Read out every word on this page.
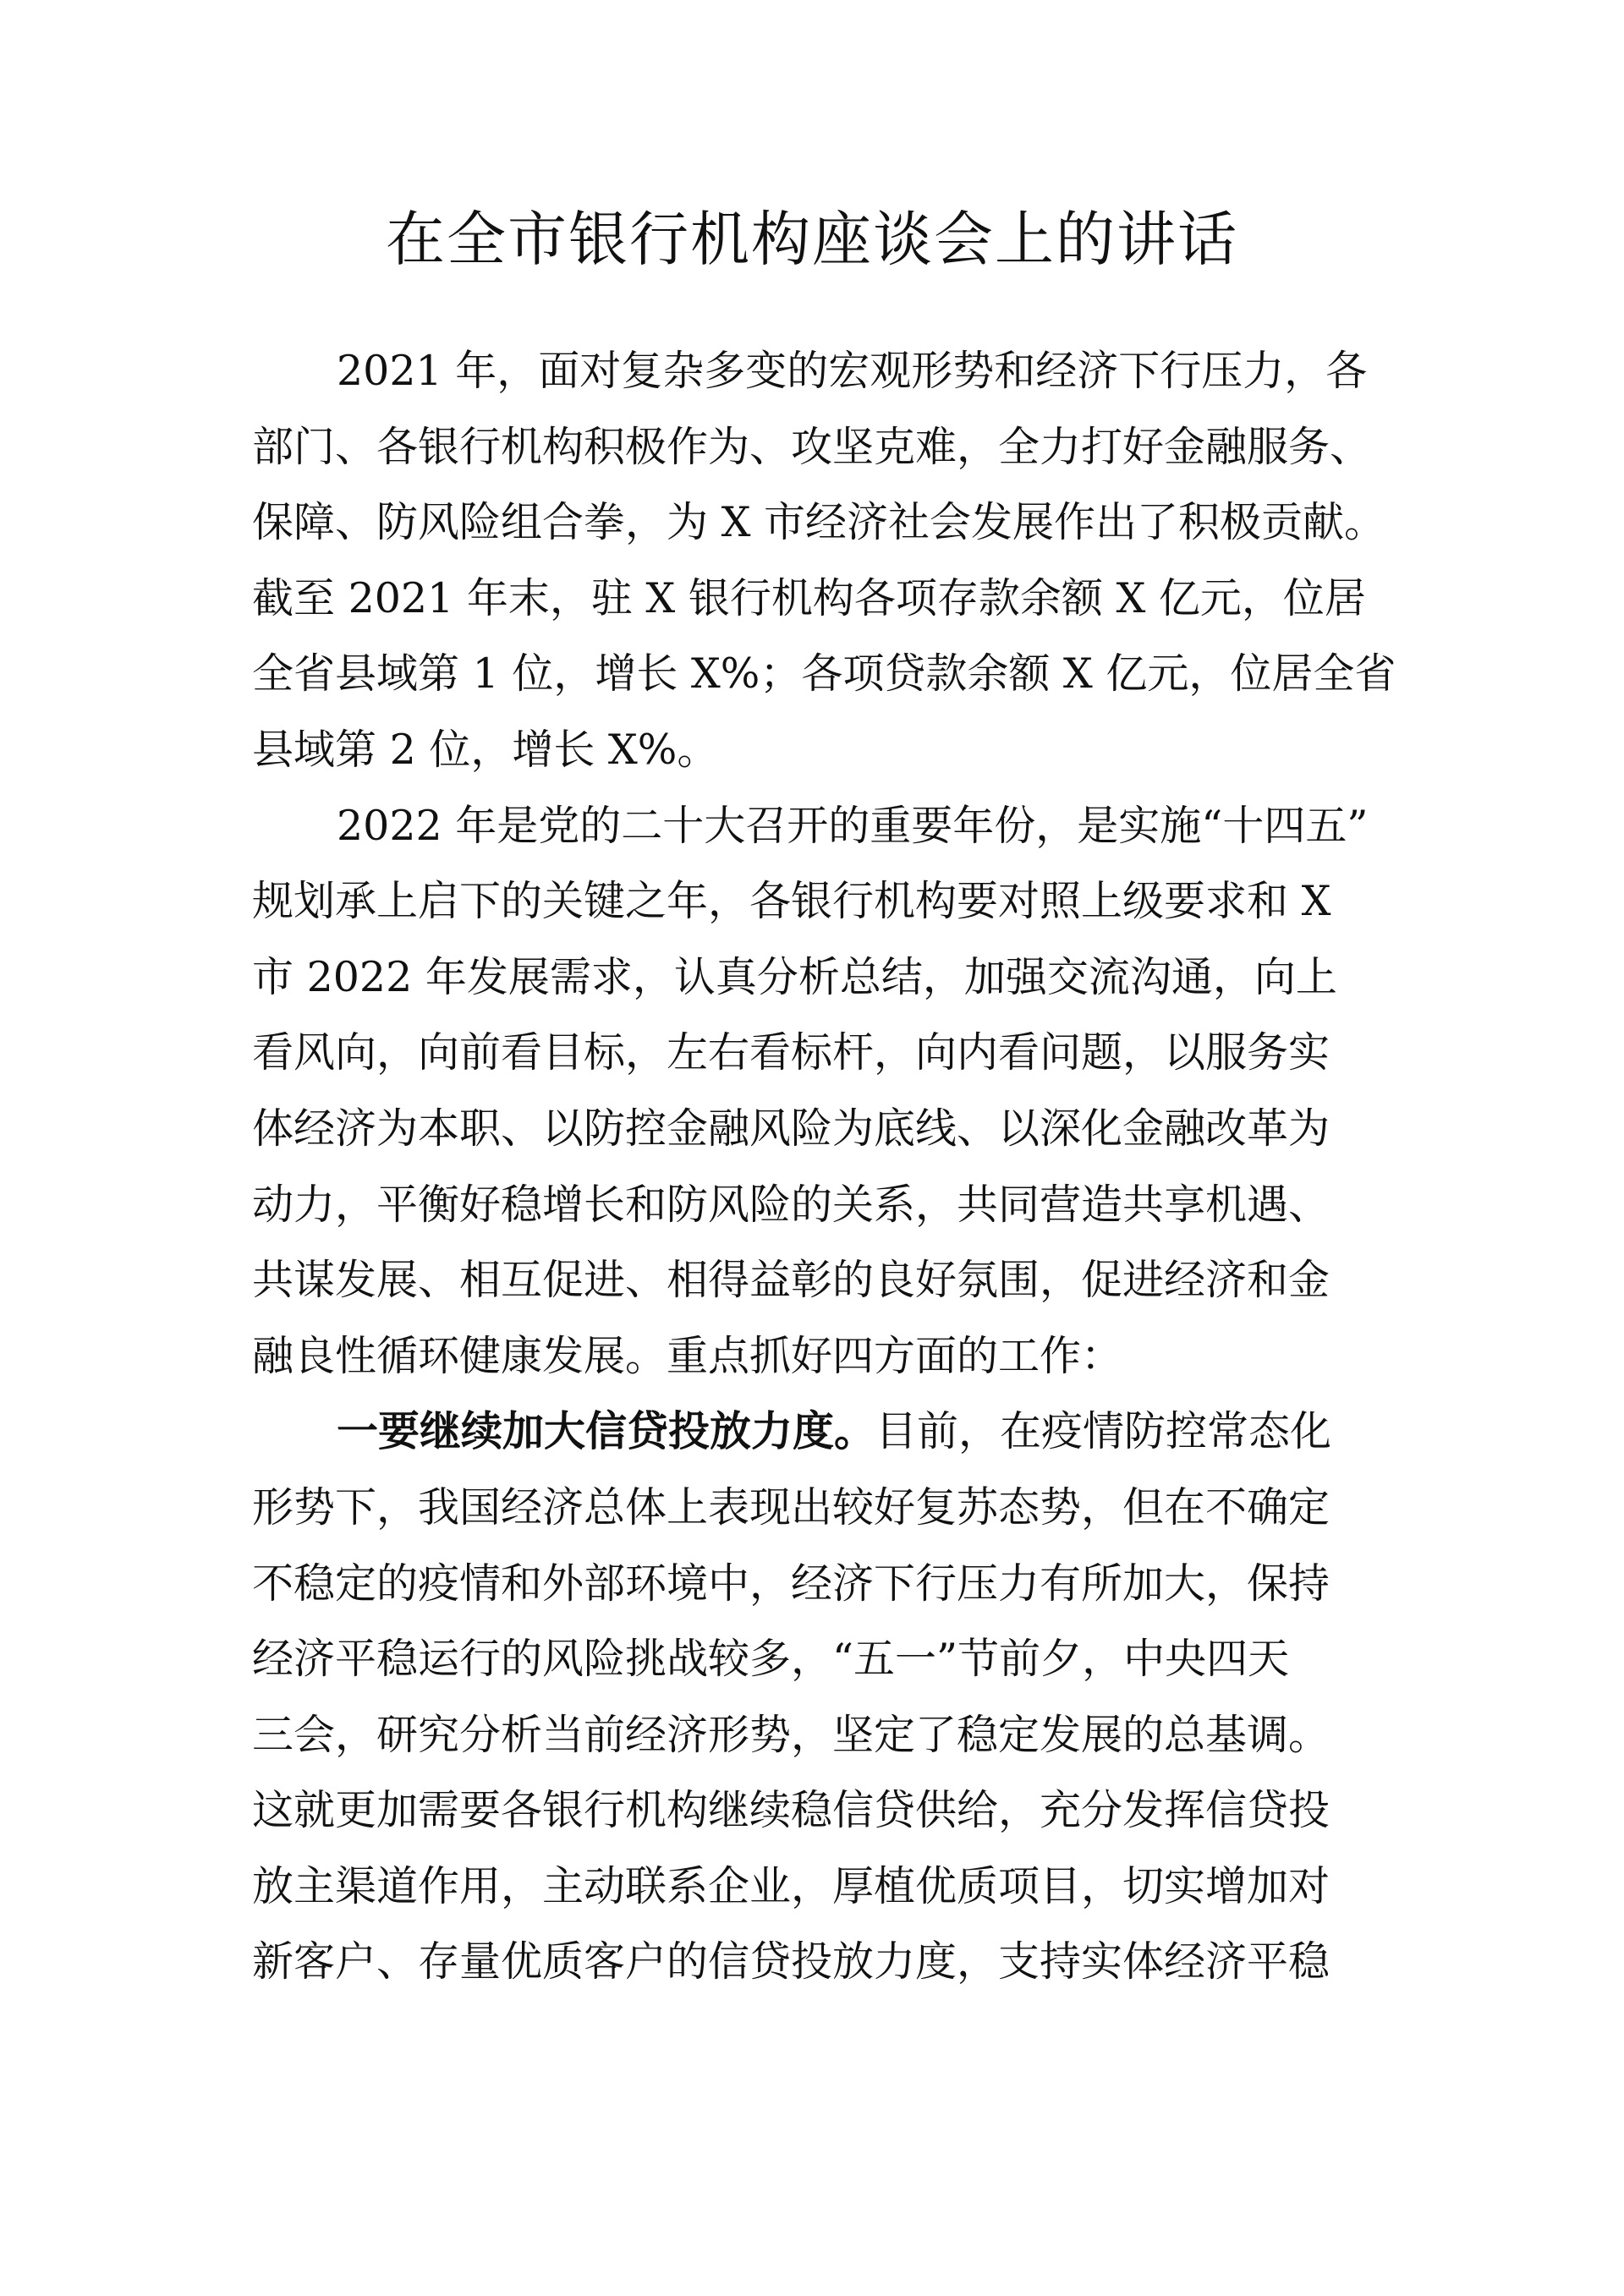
在全市银行机构座谈会上的讲话
2021 年，面对复杂多变的宏观形势和经济下行压力，各
部门、各银行机构积极作为、攻坚克难，全力打好金融服务、
保障、防风险组合拳，为 X 市经济社会发展作出了积极贡献。
截至 2021 年末，驻 X 银行机构各项存款余额 X 亿元，位居
全省县域第 1 位，增长 X%；各项贷款余额 X 亿元，位居全省
县域第 2 位，增长 X%。
2022 年是党的二十大召开的重要年份，是实施“十四五”
规划承上启下的关键之年，各银行机构要对照上级要求和 X
市 2022 年发展需求，认真分析总结，加强交流沟通，向上
看风向，向前看目标，左右看标杆，向内看问题，以服务实
体经济为本职、以防控金融风险为底线、以深化金融改革为
动力，平衡好稳增长和防风险的关系，共同营造共享机遇、
共谋发展、相互促进、相得益彰的良好氛围，促进经济和金
融良性循环健康发展。重点抓好四方面的工作：
一要继续加大信贷投放力度。目前，在疫情防控常态化
形势下，我国经济总体上表现出较好复苏态势，但在不确定
不稳定的疫情和外部环境中，经济下行压力有所加大，保持
经济平稳运行的风险挑战较多，“五一”节前夕，中央四天
三会，研究分析当前经济形势，坚定了稳定发展的总基调。
这就更加需要各银行机构继续稳信贷供给，充分发挥信贷投
放主渠道作用，主动联系企业，厚植优质项目，切实增加对
新客户、存量优质客户的信贷投放力度，支持实体经济平稳
